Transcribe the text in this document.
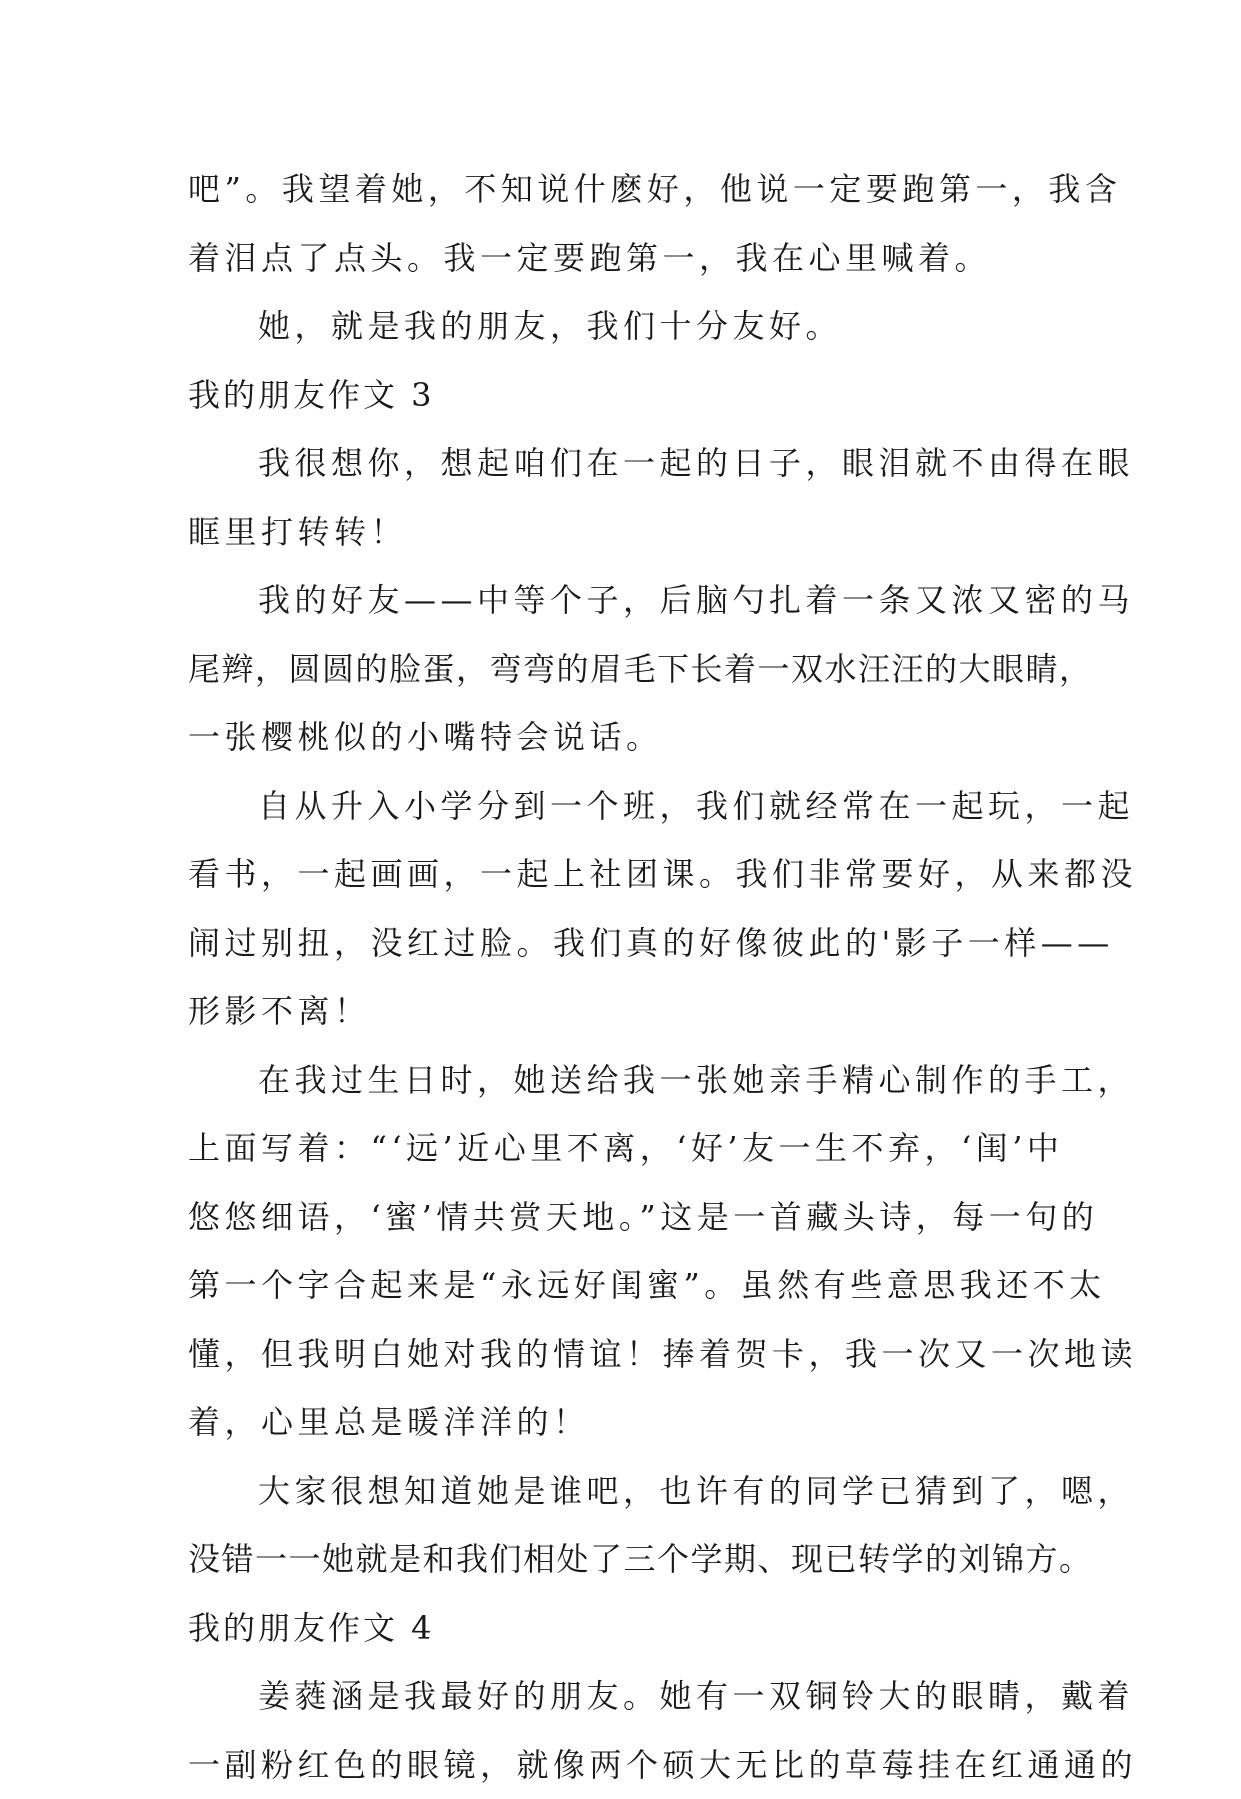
吧”。我望着她，不知说什麽好，他说一定要跑第一，我含
着泪点了点头。我一定要跑第一，我在心里喊着。
她，就是我的朋友，我们十分友好。
我的朋友作文 3
我很想你，想起咱们在一起的日子，眼泪就不由得在眼
眶里打转转！
我的好友——中等个子，后脑勺扎着一条又浓又密的马
尾辫，圆圆的脸蛋，弯弯的眉毛下长着一双水汪汪的大眼睛，
一张樱桃似的小嘴特会说话。
自从升入小学分到一个班，我们就经常在一起玩，一起
看书，一起画画，一起上社团课。我们非常要好，从来都没
闹过别扭，没红过脸。我们真的好像彼此的'影子一样——
形影不离！
在我过生日时，她送给我一张她亲手精心制作的手工，
上面写着：“‘远’近心里不离，‘好’友一生不弃，‘闺’中
悠悠细语，‘蜜’情共赏天地。”这是一首藏头诗，每一句的
第一个字合起来是“永远好闺蜜”。虽然有些意思我还不太
懂，但我明白她对我的情谊！捧着贺卡，我一次又一次地读
着，心里总是暖洋洋的！
大家很想知道她是谁吧，也许有的同学已猜到了，嗯，
没错一一她就是和我们相处了三个学期、现已转学的刘锦方。
我的朋友作文 4
姜蕤涵是我最好的朋友。她有一双铜铃大的眼睛，戴着
一副粉红色的眼镜，就像两个硕大无比的草莓挂在红通通的
